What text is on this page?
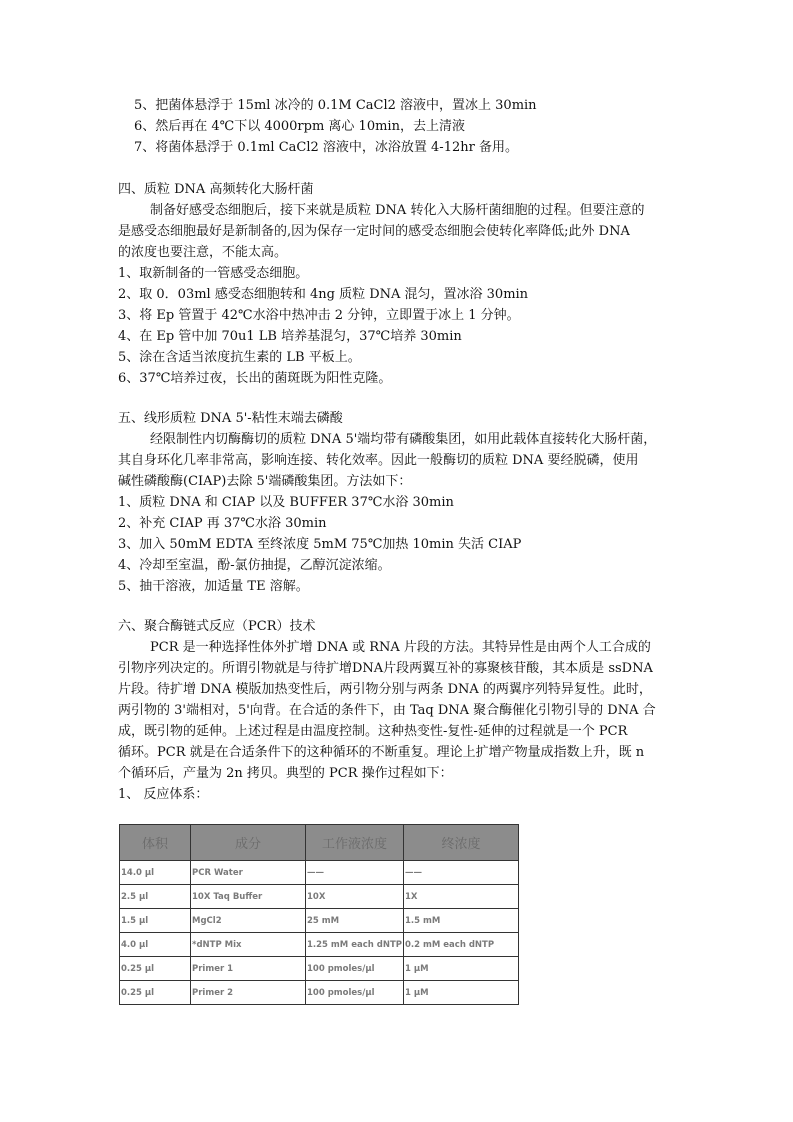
5、把菌体悬浮于 15ml 冰冷的 0.1M CaCl2 溶液中，置冰上 30min
6、然后再在 4℃下以 4000rpm 离心 10min，去上清液
7、将菌体悬浮于 0.1ml CaCl2 溶液中，冰浴放置 4-12hr 备用。
四、质粒 DNA 高频转化大肠杆菌
制备好感受态细胞后，接下来就是质粒 DNA 转化入大肠杆菌细胞的过程。但要注意的
是感受态细胞最好是新制备的,因为保存一定时间的感受态细胞会使转化率降低;此外 DNA
的浓度也要注意，不能太高。
1、取新制备的一管感受态细胞。
2、取 0．03ml 感受态细胞转和 4ng 质粒 DNA 混匀，置冰浴 30min
3、将 Ep 管置于 42℃水浴中热冲击 2 分钟，立即置于冰上 1 分钟。
4、在 Ep 管中加 70u1 LB 培养基混匀，37℃培养 30min
5、涂在含适当浓度抗生素的 LB 平板上。
6、37℃培养过夜，长出的菌斑既为阳性克隆。
五、线形质粒 DNA 5'-粘性末端去磷酸
经限制性内切酶酶切的质粒 DNA 5'端均带有磷酸集团，如用此载体直接转化大肠杆菌，
其自身环化几率非常高，影响连接、转化效率。因此一般酶切的质粒 DNA 要经脱磷，使用
碱性磷酸酶(CIAP)去除 5'端磷酸集团。方法如下：
1、质粒 DNA 和 CIAP 以及 BUFFER 37℃水浴 30min
2、补充 CIAP 再 37℃水浴 30min
3、加入 50mM EDTA 至终浓度 5mM 75℃加热 10min 失活 CIAP
4、冷却至室温，酚-氯仿抽提，乙醇沉淀浓缩。
5、抽干溶液，加适量 TE 溶解。
六、聚合酶链式反应（PCR）技术
PCR 是一种选择性体外扩增 DNA 或 RNA 片段的方法。其特异性是由两个人工合成的
引物序列决定的。所谓引物就是与待扩增DNA片段两翼互补的寡聚核苷酸，其本质是 ssDNA
片段。待扩增 DNA 模版加热变性后，两引物分别与两条 DNA 的两翼序列特异复性。此时，
两引物的 3'端相对，5'向背。在合适的条件下，由 Taq DNA 聚合酶催化引物引导的 DNA 合
成，既引物的延伸。上述过程是由温度控制。这种热变性-复性-延伸的过程就是一个 PCR
循环。PCR 就是在合适条件下的这种循环的不断重复。理论上扩增产物量成指数上升，既 n
个循环后，产量为 2n 拷贝。典型的 PCR 操作过程如下：
1、 反应体系：
体积	成分	工作液浓度	终浓度
14.0 µl	PCR Water	——	——
2.5 µl	10X Taq Buffer	10X	1X
1.5 µl	MgCl2	25 mM	1.5 mM
4.0 µl	*dNTP Mix	1.25 mM each dNTP	0.2 mM each dNTP
0.25 µl	Primer 1	100 pmoles/µl	1 µM
0.25 µl	Primer 2	100 pmoles/µl	1 µM
